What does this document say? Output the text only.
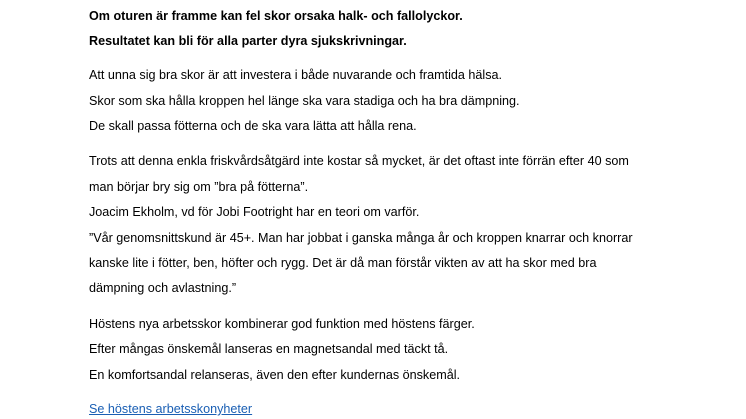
Om oturen är framme kan fel skor orsaka halk- och fallolyckor.
Resultatet kan bli för alla parter dyra sjukskrivningar.
Att unna sig bra skor är att investera i både nuvarande och framtida hälsa.
Skor som ska hålla kroppen hel länge ska vara stadiga och ha bra dämpning.
De skall passa fötterna och de ska vara lätta att hålla rena.
Trots att denna enkla friskvårdsåtgärd inte kostar så mycket, är det oftast inte förrän efter 40 som
man börjar bry sig om ”bra på fötterna”.
Joacim Ekholm, vd för Jobi Footright har en teori om varför.
”Vår genomsnittskund är 45+. Man har jobbat i ganska många år och kroppen knarrar och knorrar
kanske lite i fötter, ben, höfter och rygg. Det är då man förstår vikten av att ha skor med bra
dämpning och avlastning.”
Höstens nya arbetsskor kombinerar god funktion med höstens färger.
Efter mångas önskemål lanseras en magnetsandal med täckt tå.
En komfortsandal relanseras, även den efter kundernas önskemål.
Se höstens arbetsskonyheter
